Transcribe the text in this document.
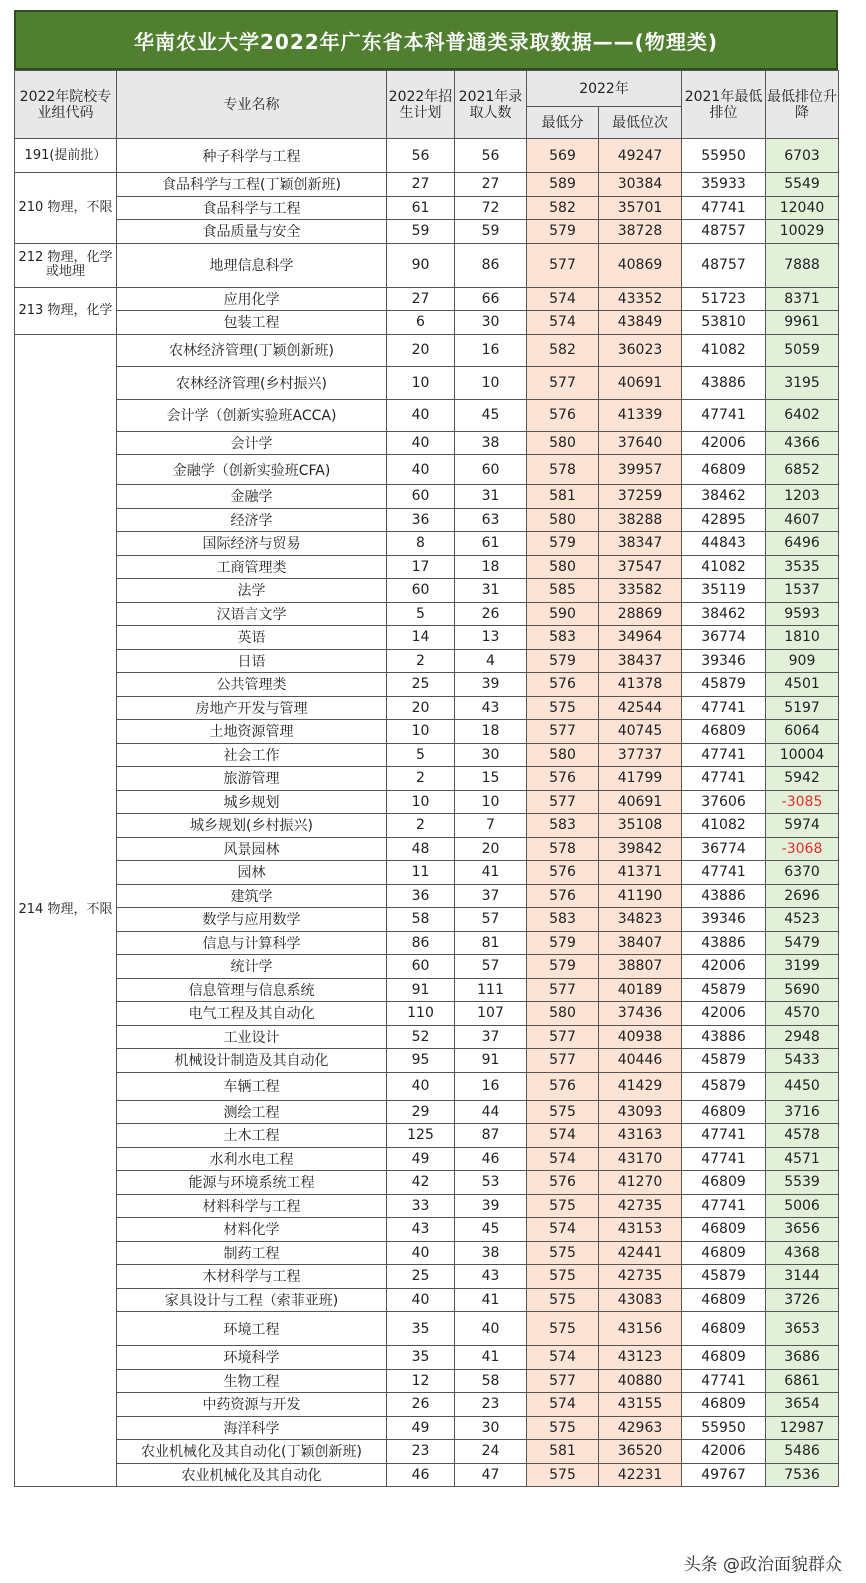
华南农业大学2022年广东省本科普通类录取数据——(物理类)
2022年院校专业组代码	专业名称	2022年招生计划	2021年录取人数	2022年		2021年最低排位	最低排位升降
				最低分	最低位次		
191(提前批）	种子科学与工程	56	56	569	49247	55950	6703
210 物理，不限	食品科学与工程(丁颖创新班)	27	27	589	30384	35933	5549
	食品科学与工程	61	72	582	35701	47741	12040
	食品质量与安全	59	59	579	38728	48757	10029
212 物理，化学或地理	地理信息科学	90	86	577	40869	48757	7888
213 物理，化学	应用化学	27	66	574	43352	51723	8371
	包装工程	6	30	574	43849	53810	9961
214 物理，不限	农林经济管理(丁颖创新班)	20	16	582	36023	41082	5059
	农林经济管理(乡村振兴)	10	10	577	40691	43886	3195
	会计学（创新实验班ACCA)	40	45	576	41339	47741	6402
	会计学	40	38	580	37640	42006	4366
	金融学（创新实验班CFA)	40	60	578	39957	46809	6852
	金融学	60	31	581	37259	38462	1203
	经济学	36	63	580	38288	42895	4607
	国际经济与贸易	8	61	579	38347	44843	6496
	工商管理类	17	18	580	37547	41082	3535
	法学	60	31	585	33582	35119	1537
	汉语言文学	5	26	590	28869	38462	9593
	英语	14	13	583	34964	36774	1810
	日语	2	4	579	38437	39346	909
	公共管理类	25	39	576	41378	45879	4501
	房地产开发与管理	20	43	575	42544	47741	5197
	土地资源管理	10	18	577	40745	46809	6064
	社会工作	5	30	580	37737	47741	10004
	旅游管理	2	15	576	41799	47741	5942
	城乡规划	10	10	577	40691	37606	-3085
	城乡规划(乡村振兴)	2	7	583	35108	41082	5974
	风景园林	48	20	578	39842	36774	-3068
	园林	11	41	576	41371	47741	6370
	建筑学	36	37	576	41190	43886	2696
	数学与应用数学	58	57	583	34823	39346	4523
	信息与计算科学	86	81	579	38407	43886	5479
	统计学	60	57	579	38807	42006	3199
	信息管理与信息系统	91	111	577	40189	45879	5690
	电气工程及其自动化	110	107	580	37436	42006	4570
	工业设计	52	37	577	40938	43886	2948
	机械设计制造及其自动化	95	91	577	40446	45879	5433
	车辆工程	40	16	576	41429	45879	4450
	测绘工程	29	44	575	43093	46809	3716
	土木工程	125	87	574	43163	47741	4578
	水利水电工程	49	46	574	43170	47741	4571
	能源与环境系统工程	42	53	576	41270	46809	5539
	材料科学与工程	33	39	575	42735	47741	5006
	材料化学	43	45	574	43153	46809	3656
	制药工程	40	38	575	42441	46809	4368
	木材科学与工程	25	43	575	42735	45879	3144
	家具设计与工程（索菲亚班)	40	41	575	43083	46809	3726
	环境工程	35	40	575	43156	46809	3653
	环境科学	35	41	574	43123	46809	3686
	生物工程	12	58	577	40880	47741	6861
	中药资源与开发	26	23	574	43155	46809	3654
	海洋科学	49	30	575	42963	55950	12987
	农业机械化及其自动化(丁颖创新班)	23	24	581	36520	42006	5486
	农业机械化及其自动化	46	47	575	42231	49767	7536
头条 @政治面貌群众
